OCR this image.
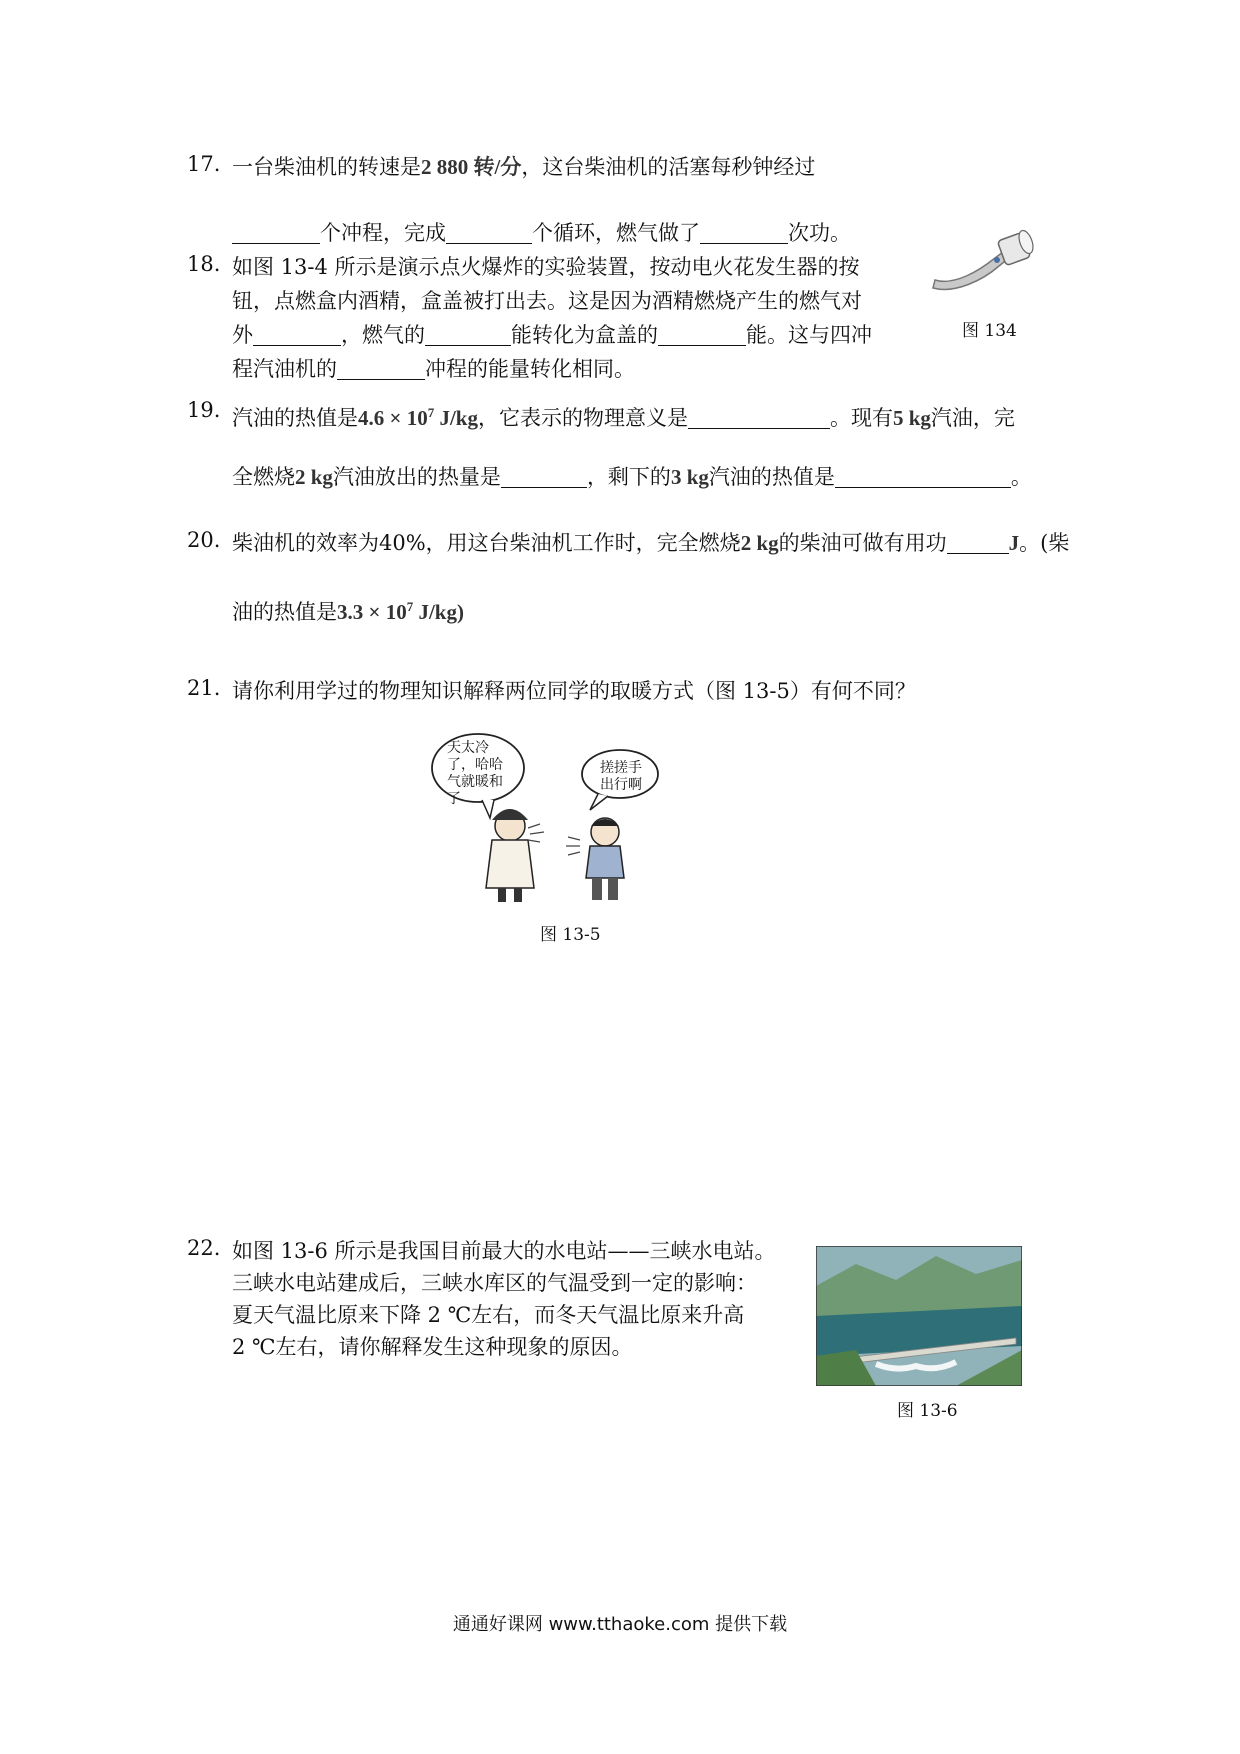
17. 一台柴油机的转速是2 880 转/分，这台柴油机的活塞每秒钟经过
个冲程，完成	个循环，燃气做了	次功。
18. 如图 13-4 所示是演示点火爆炸的实验装置，按动电火花发生器的按
钮，点燃盒内酒精，盒盖被打出去。这是因为酒精燃烧产生的燃气对
外	，燃气的	能转化为盒盖的	能。这与四冲
程汽油机的	冲程的能量转化相同。
图 134
19. 汽油的热值是$4.6 \times 10^7$ J/kg，它表示的物理意义是	。现有5 kg汽油，完
全燃烧2 kg汽油放出的热量是	，剩下的3 kg汽油的热值是	。
20. 柴油机的效率为40%，用这台柴油机工作时，完全燃烧2 kg的柴油可做有用功	J。(柴
油的热值是$3.3 \times 10^7$ J/kg)
21. 请你利用学过的物理知识解释两位同学的取暖方式（图 13-5）有何不同？
天太冷了，哈哈气就暖和了
搓搓手出行啊
图 13-5
22. 如图 13-6 所示是我国目前最大的水电站——三峡水电站。
三峡水电站建成后，三峡水库区的气温受到一定的影响：
夏天气温比原来下降 2 ℃左右，而冬天气温比原来升高
2 ℃左右，请你解释发生这种现象的原因。
图 13-6
通通好课网 www.tthaoke.com 提供下载
